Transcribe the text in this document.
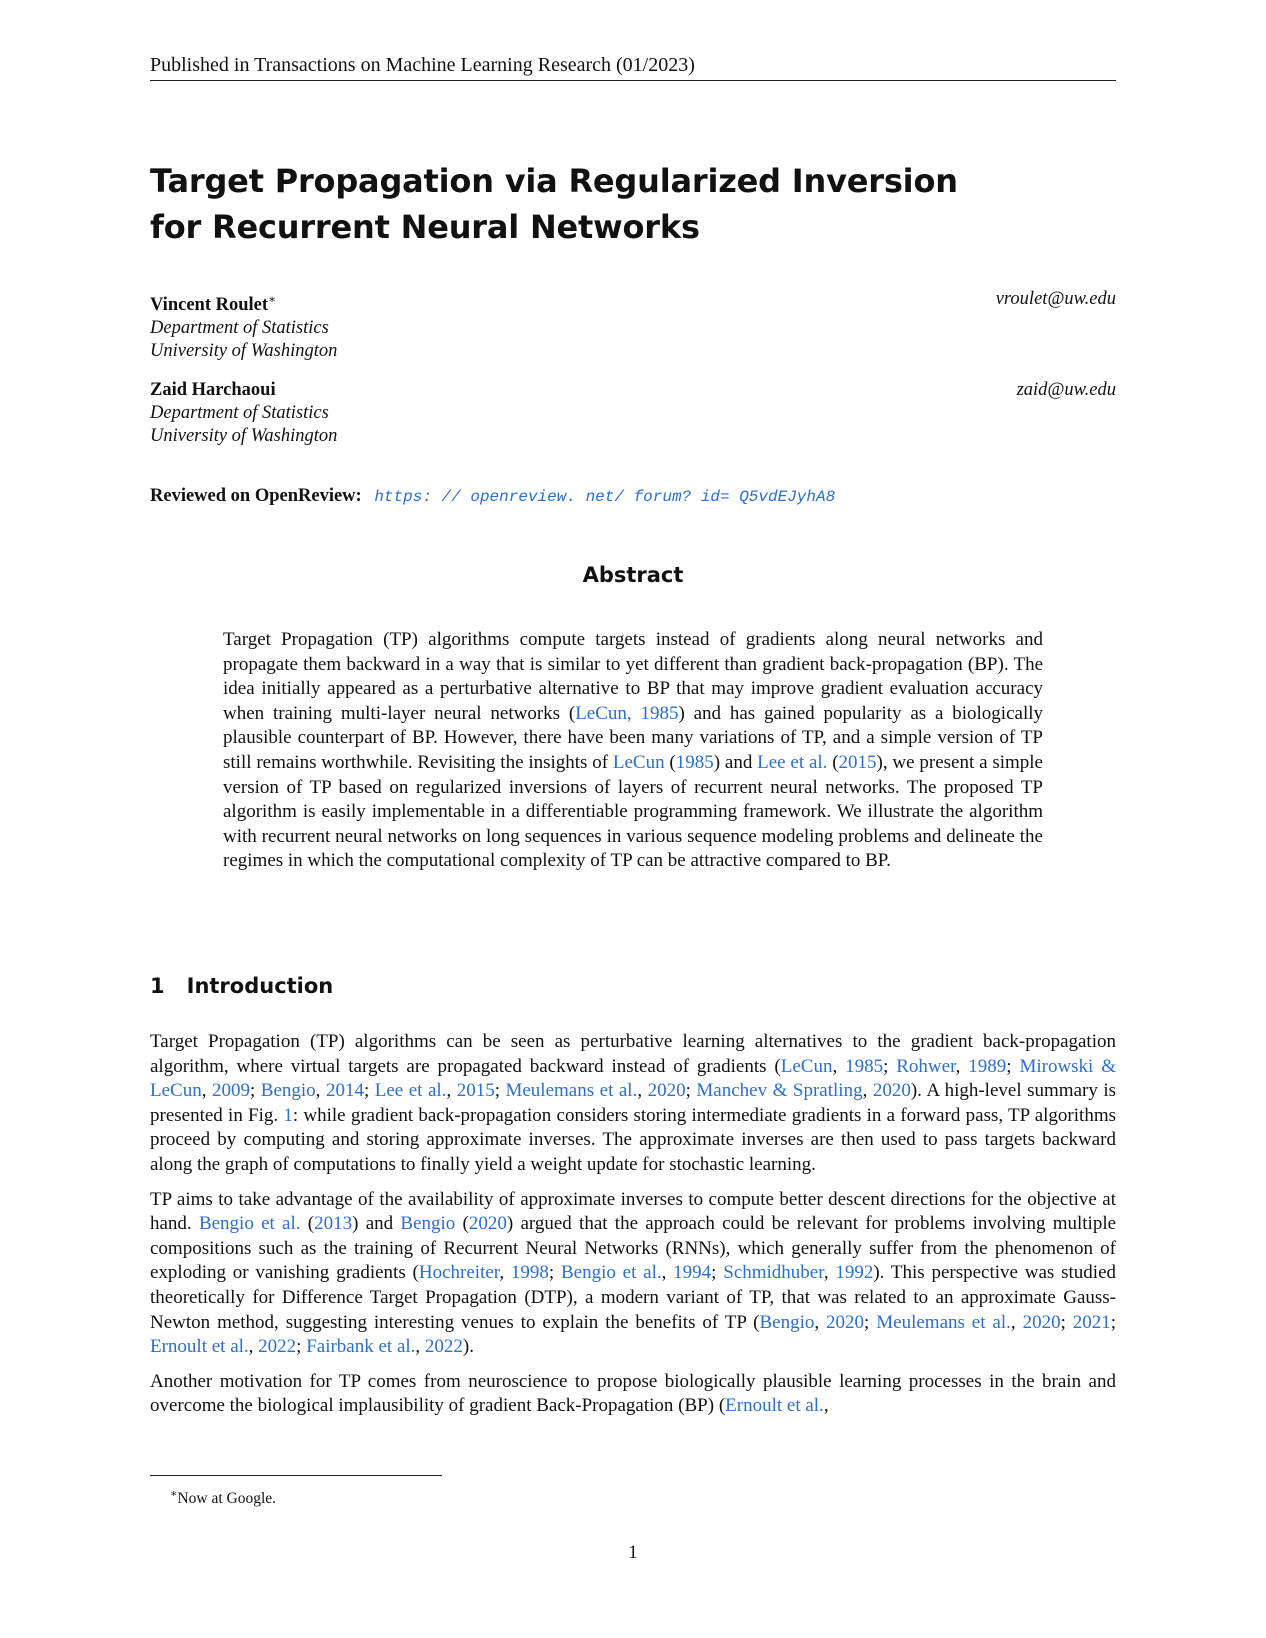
Published in Transactions on Machine Learning Research (01/2023)
Target Propagation via Regularized Inversion
for Recurrent Neural Networks
Vincent Roulet∗
Department of Statistics
University of Washington
vroulet@uw.edu
Zaid Harchaoui
Department of Statistics
University of Washington
zaid@uw.edu
Reviewed on OpenReview: https: // openreview. net/ forum? id= Q5vdEJyhA8
Abstract
Target Propagation (TP) algorithms compute targets instead of gradients along neural networks and propagate them backward in a way that is similar to yet different than gradient back-propagation (BP). The idea initially appeared as a perturbative alternative to BP that may improve gradient evaluation accuracy when training multi-layer neural networks (LeCun, 1985) and has gained popularity as a biologically plausible counterpart of BP. However, there have been many variations of TP, and a simple version of TP still remains worthwhile. Revisiting the insights of LeCun (1985) and Lee et al. (2015), we present a simple version of TP based on regularized inversions of layers of recurrent neural networks. The proposed TP algorithm is easily implementable in a differentiable programming framework. We illustrate the algorithm with recurrent neural networks on long sequences in various sequence modeling problems and delineate the regimes in which the computational complexity of TP can be attractive compared to BP.
1 Introduction

Target Propagation (TP) algorithms can be seen as perturbative learning alternatives to the gradient back-propagation algorithm, where virtual targets are propagated backward instead of gradients (LeCun, 1985; Rohwer, 1989; Mirowski & LeCun, 2009; Bengio, 2014; Lee et al., 2015; Meulemans et al., 2020; Manchev & Spratling, 2020). A high-level summary is presented in Fig. 1: while gradient back-propagation considers storing intermediate gradients in a forward pass, TP algorithms proceed by computing and storing approximate inverses. The approximate inverses are then used to pass targets backward along the graph of computations to finally yield a weight update for stochastic learning.

TP aims to take advantage of the availability of approximate inverses to compute better descent directions for the objective at hand. Bengio et al. (2013) and Bengio (2020) argued that the approach could be relevant for problems involving multiple compositions such as the training of Recurrent Neural Networks (RNNs), which generally suffer from the phenomenon of exploding or vanishing gradients (Hochreiter, 1998; Bengio et al., 1994; Schmidhuber, 1992). This perspective was studied theoretically for Difference Target Propagation (DTP), a modern variant of TP, that was related to an approximate Gauss-Newton method, suggesting interesting venues to explain the benefits of TP (Bengio, 2020; Meulemans et al., 2020; 2021; Ernoult et al., 2022; Fairbank et al., 2022).

Another motivation for TP comes from neuroscience to propose biologically plausible learning processes in the brain and overcome the biological implausibility of gradient Back-Propagation (BP) (Ernoult et al.,

∗Now at Google.
1
